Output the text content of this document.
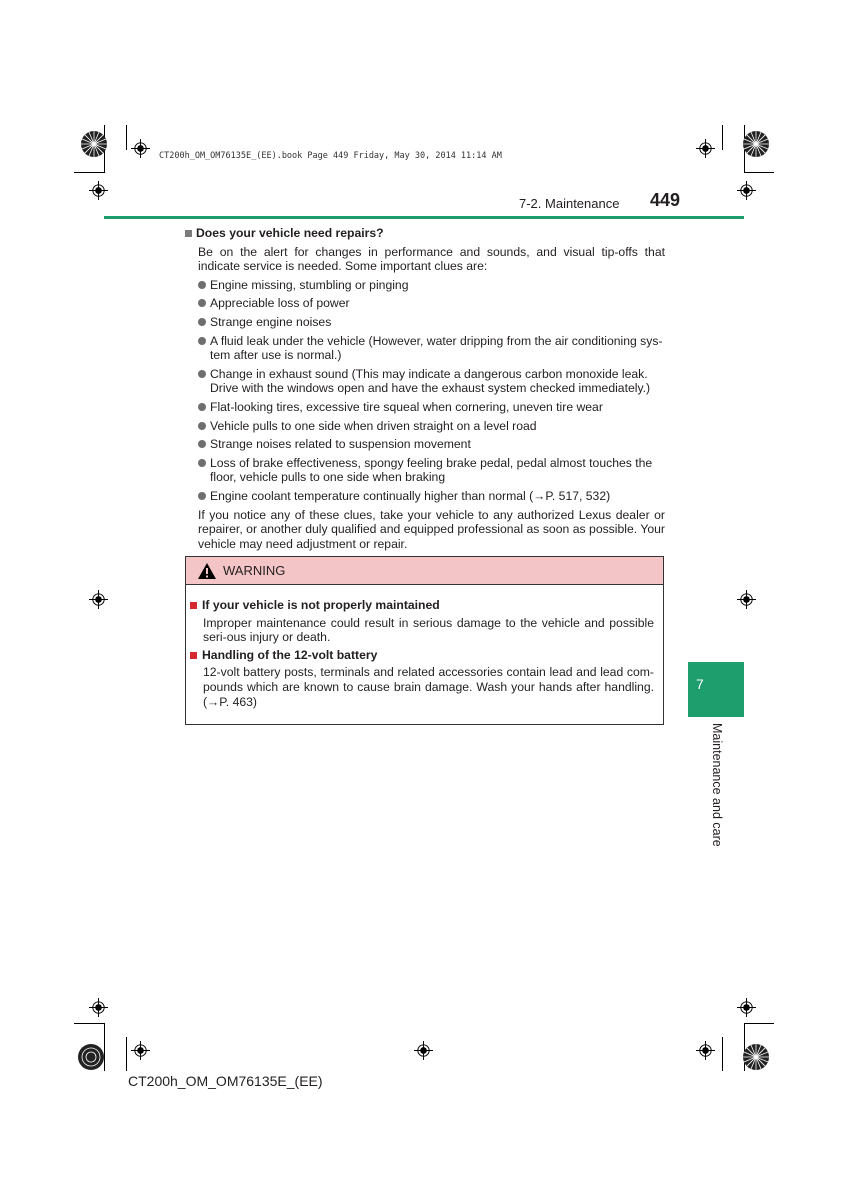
CT200h_OM_OM76135E_(EE).book Page 449 Friday, May 30, 2014 11:14 AM
7-2. Maintenance 449
Does your vehicle need repairs?
Be on the alert for changes in performance and sounds, and visual tip-offs that indicate service is needed. Some important clues are:
Engine missing, stumbling or pinging
Appreciable loss of power
Strange engine noises
A fluid leak under the vehicle (However, water dripping from the air conditioning sys-tem after use is normal.)
Change in exhaust sound (This may indicate a dangerous carbon monoxide leak. Drive with the windows open and have the exhaust system checked immediately.)
Flat-looking tires, excessive tire squeal when cornering, uneven tire wear
Vehicle pulls to one side when driven straight on a level road
Strange noises related to suspension movement
Loss of brake effectiveness, spongy feeling brake pedal, pedal almost touches the floor, vehicle pulls to one side when braking
Engine coolant temperature continually higher than normal (→P. 517, 532)
If you notice any of these clues, take your vehicle to any authorized Lexus dealer or repairer, or another duly qualified and equipped professional as soon as possible. Your vehicle may need adjustment or repair.
WARNING
If your vehicle is not properly maintained
Improper maintenance could result in serious damage to the vehicle and possible seri-ous injury or death.
Handling of the 12-volt battery
12-volt battery posts, terminals and related accessories contain lead and lead com-pounds which are known to cause brain damage. Wash your hands after handling. (→P. 463)
7
Maintenance and care
CT200h_OM_OM76135E_(EE)
